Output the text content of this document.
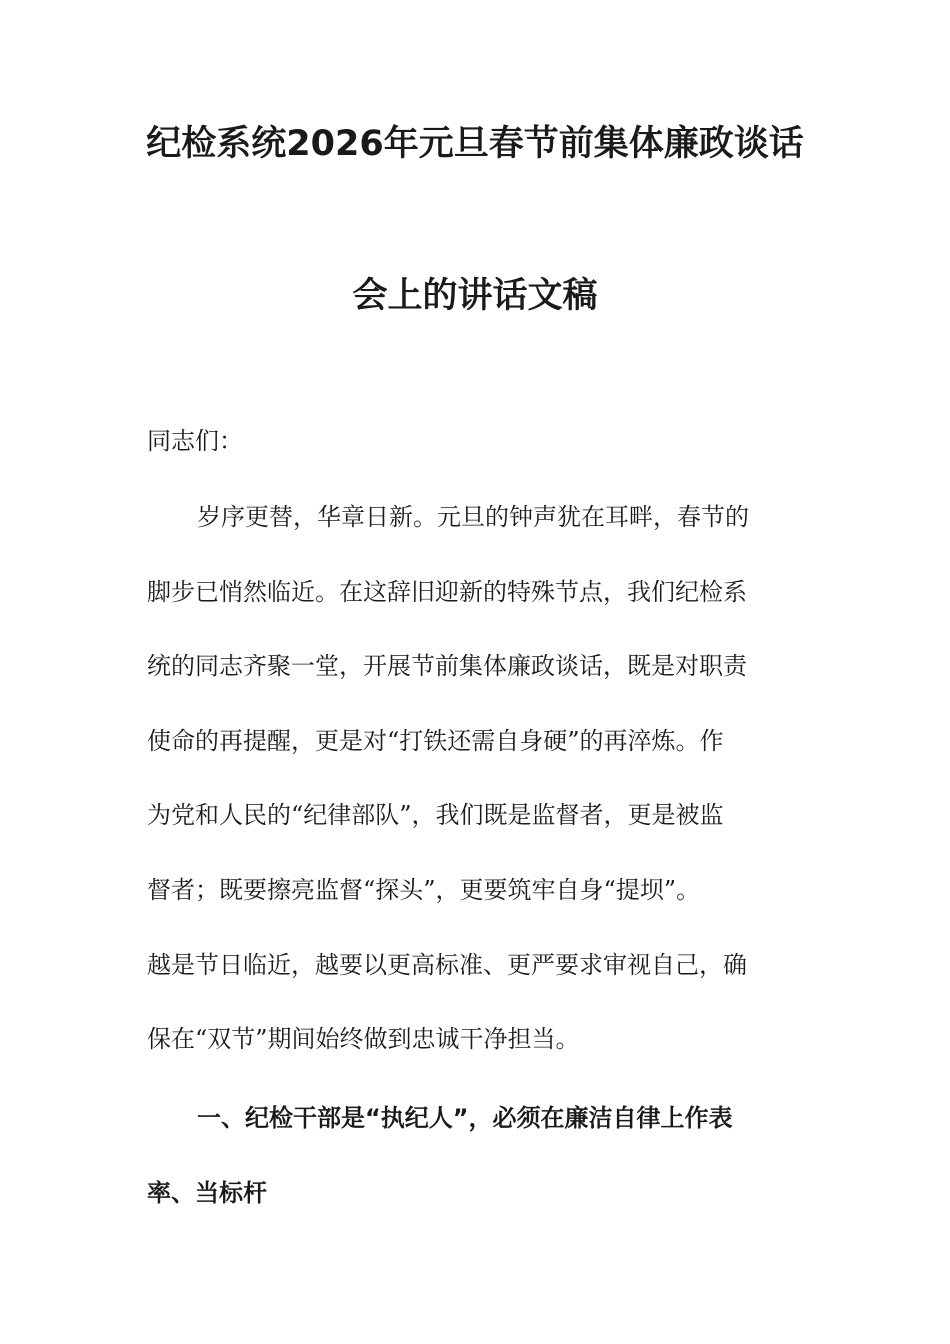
纪检系统2026年元旦春节前集体廉政谈话
会上的讲话文稿
同志们：
岁序更替，华章日新。元旦的钟声犹在耳畔，春节的
脚步已悄然临近。在这辞旧迎新的特殊节点，我们纪检系
统的同志齐聚一堂，开展节前集体廉政谈话，既是对职责
使命的再提醒，更是对“打铁还需自身硬”的再淬炼。作
为党和人民的“纪律部队”，我们既是监督者，更是被监
督者；既要擦亮监督“探头”，更要筑牢自身“提坝”。
越是节日临近，越要以更高标准、更严要求审视自己，确
保在“双节”期间始终做到忠诚干净担当。
一、纪检干部是“执纪人”，必须在廉洁自律上作表
率、当标杆
